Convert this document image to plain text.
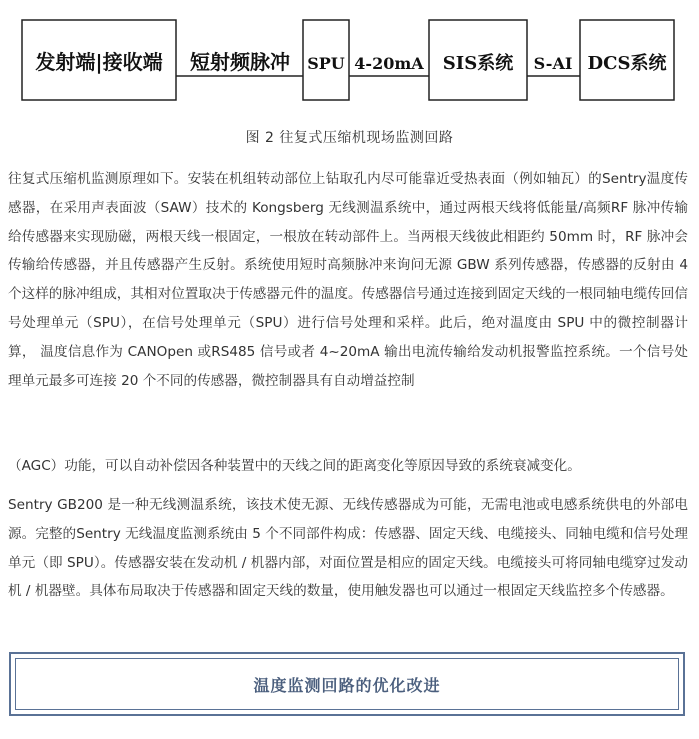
发射端|接收端 短射频脉冲 SPU 4-20mA SIS系统 S-AI DCS系统
图 2 往复式压缩机现场监测回路

往复式压缩机监测原理如下。安装在机组转动部位上钻取孔内尽可能靠近受热表面（例如轴瓦）的Sentry温度传感器，在采用声表面波（SAW）技术的 Kongsberg 无线测温系统中，通过两根天线将低能量/高频RF 脉冲传输给传感器来实现励磁，两根天线一根固定，一根放在转动部件上。当两根天线彼此相距约 50mm 时，RF 脉冲会传输给传感器，并且传感器产生反射。系统使用短时高频脉冲来询问无源 GBW 系列传感器，传感器的反射由 4 个这样的脉冲组成，其相对位置取决于传感器元件的温度。传感器信号通过连接到固定天线的一根同轴电缆传回信号处理单元（SPU），在信号处理单元（SPU）进行信号处理和采样。此后，绝对温度由 SPU 中的微控制器计算， 温度信息作为 CANOpen 或RS485 信号或者 4~20mA 输出电流传输给发动机报警监控系统。一个信号处理单元最多可连接 20 个不同的传感器，微控制器具有自动增益控制

（AGC）功能，可以自动补偿因各种装置中的天线之间的距离变化等原因导致的系统衰减变化。

Sentry GB200 是一种无线测温系统，该技术使无源、无线传感器成为可能，无需电池或电感系统供电的外部电源。完整的Sentry 无线温度监测系统由 5 个不同部件构成：传感器、固定天线、电缆接头、同轴电缆和信号处理单元（即 SPU）。传感器安装在发动机 / 机器内部，对面位置是相应的固定天线。电缆接头可将同轴电缆穿过发动机 / 机器壁。具体布局取决于传感器和固定天线的数量，使用触发器也可以通过一根固定天线监控多个传感器。

温度监测回路的优化改进
